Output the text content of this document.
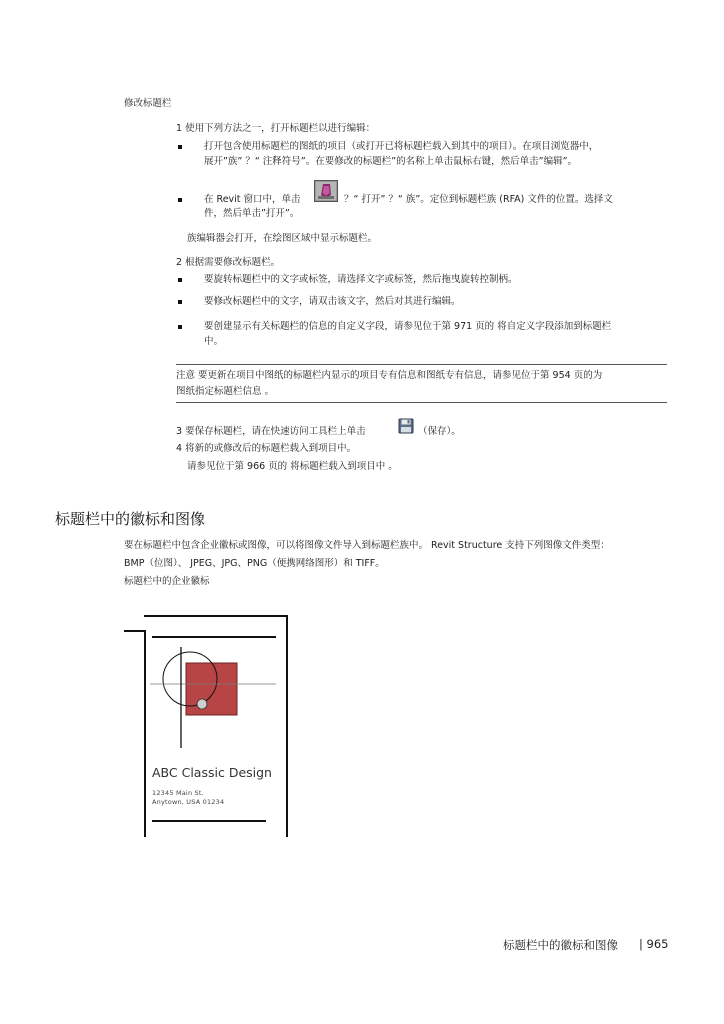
修改标题栏
1 使用下列方法之一，打开标题栏以进行编辑：
打开包含使用标题栏的图纸的项目（或打开已将标题栏载入到其中的项目）。在项目浏览器中，
展开”族” ？“ 注释符号”。在要修改的标题栏”的名称上单击鼠标右键，然后单击”编辑”。
在 Revit 窗口中，单击	？“ 打开” ？“ 族”。定位到标题栏族 (RFA) 文件的位置。选择文
件，然后单击”打开”。
族编辑器会打开，在绘图区域中显示标题栏。
2 根据需要修改标题栏。
要旋转标题栏中的文字或标签，请选择文字或标签，然后拖曳旋转控制柄。
要修改标题栏中的文字，请双击该文字，然后对其进行编辑。
要创建显示有关标题栏的信息的自定义字段，请参见位于第 971 页的 将自定义字段添加到标题栏
中。
注意 要更新在项目中图纸的标题栏内显示的项目专有信息和图纸专有信息，请参见位于第 954 页的为
图纸指定标题栏信息 。
3 要保存标题栏，请在快速访问工具栏上单击	（保存）。
4 将新的或修改后的标题栏载入到项目中。
请参见位于第 966 页的 将标题栏载入到项目中 。
标题栏中的徽标和图像
要在标题栏中包含企业徽标或图像，可以将图像文件导入到标题栏族中。 Revit Structure 支持下列图像文件类型：
BMP（位图）、 JPEG、JPG、PNG（便携网络图形）和 TIFF。
标题栏中的企业徽标
ABC Classic Design
12345 Main St.
Anytown, USA 01234
标题栏中的徽标和图像 | 965
